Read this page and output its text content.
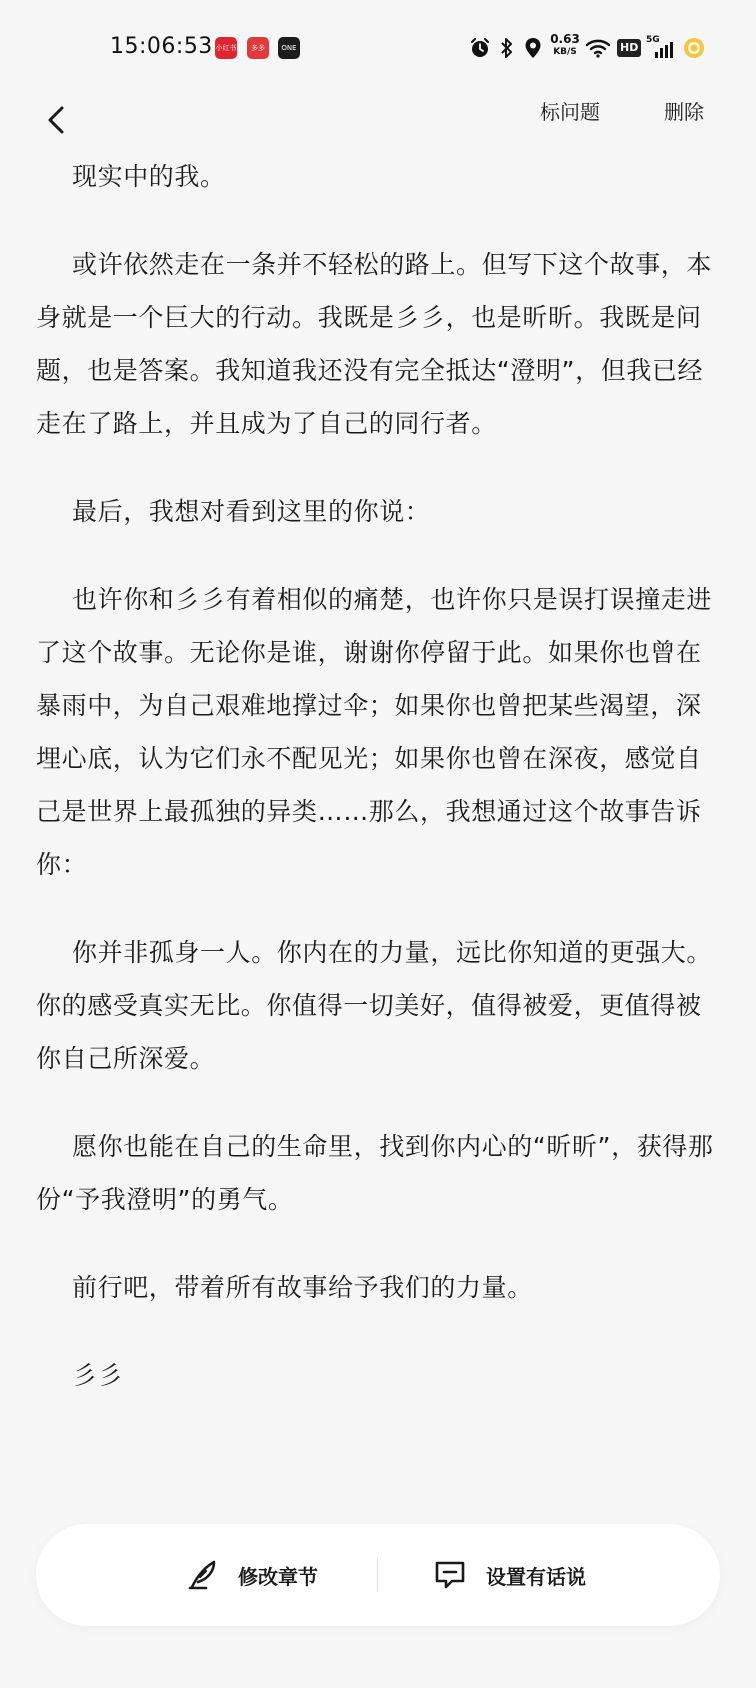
15:06:53 小红书	多多	ONE
0.63
KB/S	HD
5G
标问题	删除

现实中的我。

或许依然走在一条并不轻松的路上。但写下这个故事，本身就是一个巨大的行动。我既是彡彡，也是昕昕。我既是问题，也是答案。我知道我还没有完全抵达“澄明”，但我已经走在了路上，并且成为了自己的同行者。

最后，我想对看到这里的你说：

也许你和彡彡有着相似的痛楚，也许你只是误打误撞走进了这个故事。无论你是谁，谢谢你停留于此。如果你也曾在暴雨中，为自己艰难地撑过伞；如果你也曾把某些渴望，深埋心底，认为它们永不配见光；如果你也曾在深夜，感觉自己是世界上最孤独的异类……那么，我想通过这个故事告诉你：

你并非孤身一人。你内在的力量，远比你知道的更强大。你的感受真实无比。你值得一切美好，值得被爱，更值得被你自己所深爱。

愿你也能在自己的生命里，找到你内心的“昕昕”，获得那份“予我澄明”的勇气。

前行吧，带着所有故事给予我们的力量。

彡彡

修改章节	设置有话说
